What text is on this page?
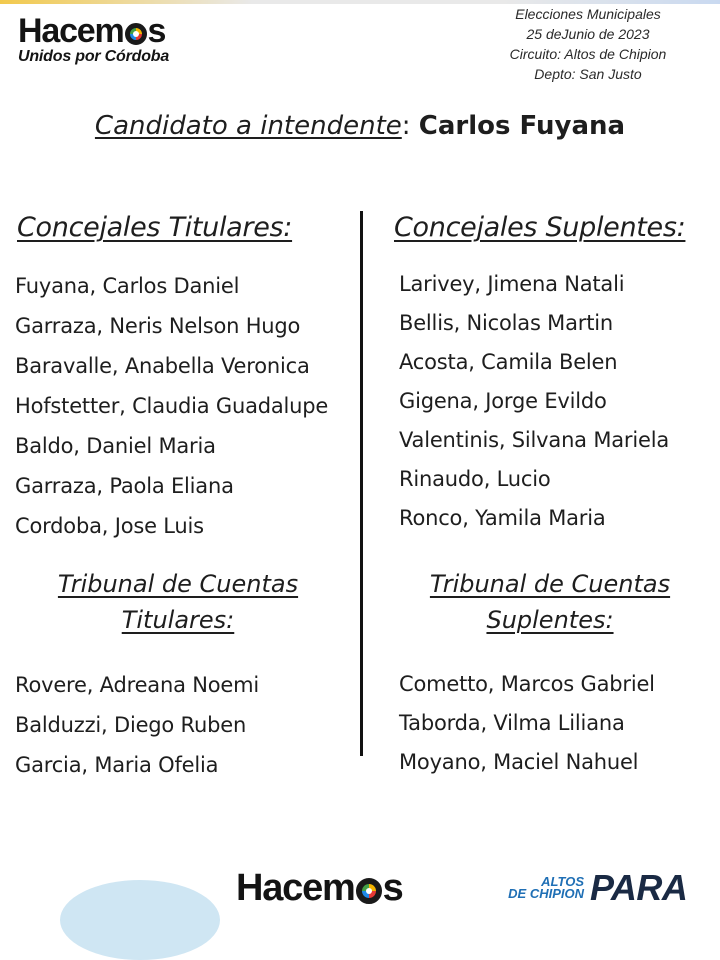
Hacem s
Unidos por Córdoba
Elecciones Municipales
25 deJunio de 2023
Circuito: Altos de Chipion
Depto: San Justo
Candidato a intendente: Carlos Fuyana
Concejales Titulares:	Concejales Suplentes:
Fuyana, Carlos Daniel
Garraza, Neris Nelson Hugo
Baravalle, Anabella Veronica
Hofstetter, Claudia Guadalupe
Baldo, Daniel Maria
Garraza, Paola Eliana
Cordoba, Jose Luis
Larivey, Jimena Natali
Bellis, Nicolas Martin
Acosta, Camila Belen
Gigena, Jorge Evildo
Valentinis, Silvana Mariela
Rinaudo, Lucio
Ronco, Yamila Maria
Tribunal de Cuentas
Titulares:
Tribunal de Cuentas
Suplentes:
Rovere, Adreana Noemi
Balduzzi, Diego Ruben
Garcia, Maria Ofelia
Cometto, Marcos Gabriel
Taborda, Vilma Liliana
Moyano, Maciel Nahuel
Hacem s	ALTOS
DE CHIPION PARA
